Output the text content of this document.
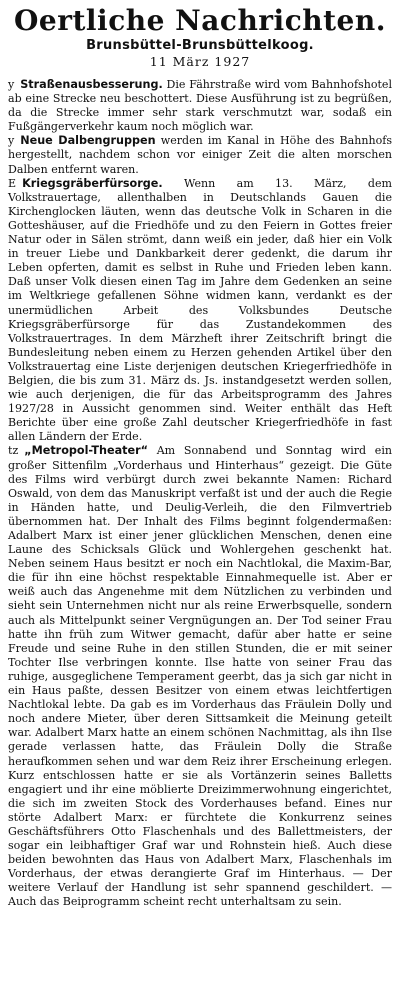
Oertliche Nachrichten.

Brunsbüttel-Brunsbüttelkoog.

11 März 1927

y Straßenausbesserung. Die Fährstraße wird vom Bahnhofshotel ab eine Strecke neu beschottert. Diese Ausführung ist zu begrüßen, da die Strecke immer sehr stark verschmutzt war, sodaß ein Fußgängerverkehr kaum noch möglich war.

y Neue Dalbengruppen werden im Kanal in Höhe des Bahnhofs hergestellt, nachdem schon vor einiger Zeit die alten morschen Dalben entfernt waren.

E Kriegsgräberfürsorge. Wenn am 13. März, dem Volkstrauertage, allenthalben in Deutschlands Gauen die Kirchenglocken läuten, wenn das deutsche Volk in Scharen in die Gotteshäuser, auf die Friedhöfe und zu den Feiern in Gottes freier Natur oder in Sälen strömt, dann weiß ein jeder, daß hier ein Volk in treuer Liebe und Dankbarkeit derer gedenkt, die darum ihr Leben opferten, damit es selbst in Ruhe und Frieden leben kann. Daß unser Volk diesen einen Tag im Jahre dem Gedenken an seine im Weltkriege gefallenen Söhne widmen kann, verdankt es der unermüdlichen Arbeit des Volksbundes Deutsche Kriegsgräberfürsorge für das Zustandekommen des Volkstrauertrages. In dem Märzheft ihrer Zeitschrift bringt die Bundesleitung neben einem zu Herzen gehenden Artikel über den Volkstrauertag eine Liste derjenigen deutschen Kriegerfriedhöfe in Belgien, die bis zum 31. März ds. Js. instandgesetzt werden sollen, wie auch derjenigen, die für das Arbeitsprogramm des Jahres 1927/28 in Aussicht genommen sind. Weiter enthält das Heft Berichte über eine große Zahl deutscher Kriegerfriedhöfe in fast allen Ländern der Erde.

tz „Metropol-Theater“ Am Sonnabend und Sonntag wird ein großer Sittenfilm „Vorderhaus und Hinterhaus“ gezeigt. Die Güte des Films wird verbürgt durch zwei bekannte Namen: Richard Oswald, von dem das Manuskript verfaßt ist und der auch die Regie in Händen hatte, und Deulig-Verleih, die den Filmvertrieb übernommen hat. Der Inhalt des Films beginnt folgendermaßen: Adalbert Marx ist einer jener glücklichen Menschen, denen eine Laune des Schicksals Glück und Wohlergehen geschenkt hat. Neben seinem Haus besitzt er noch ein Nachtlokal, die Maxim-Bar, die für ihn eine höchst respektable Einnahmequelle ist. Aber er weiß auch das Angenehme mit dem Nützlichen zu verbinden und sieht sein Unternehmen nicht nur als reine Erwerbsquelle, sondern auch als Mittelpunkt seiner Vergnügungen an. Der Tod seiner Frau hatte ihn früh zum Witwer gemacht, dafür aber hatte er seine Freude und seine Ruhe in den stillen Stunden, die er mit seiner Tochter Ilse verbringen konnte. Ilse hatte von seiner Frau das ruhige, ausgeglichene Temperament geerbt, das ja sich gar nicht in ein Haus paßte, dessen Besitzer von einem etwas leichtfertigen Nachtlokal lebte. Da gab es im Vorderhaus das Fräulein Dolly und noch andere Mieter, über deren Sittsamkeit die Meinung geteilt war. Adalbert Marx hatte an einem schönen Nachmittag, als ihn Ilse gerade verlassen hatte, das Fräulein Dolly die Straße heraufkommen sehen und war dem Reiz ihrer Erscheinung erlegen. Kurz entschlossen hatte er sie als Vortänzerin seines Balletts engagiert und ihr eine möblierte Dreizimmerwohnung eingerichtet, die sich im zweiten Stock des Vorderhauses befand. Eines nur störte Adalbert Marx: er fürchtete die Konkurrenz seines Geschäftsführers Otto Flaschenhals und des Ballettmeisters, der sogar ein leibhaftiger Graf war und Rohnstein hieß. Auch diese beiden bewohnten das Haus von Adalbert Marx, Flaschenhals im Vorderhaus, der etwas derangierte Graf im Hinterhaus. — Der weitere Verlauf der Handlung ist sehr spannend geschildert. — Auch das Beiprogramm scheint recht unterhaltsam zu sein.
